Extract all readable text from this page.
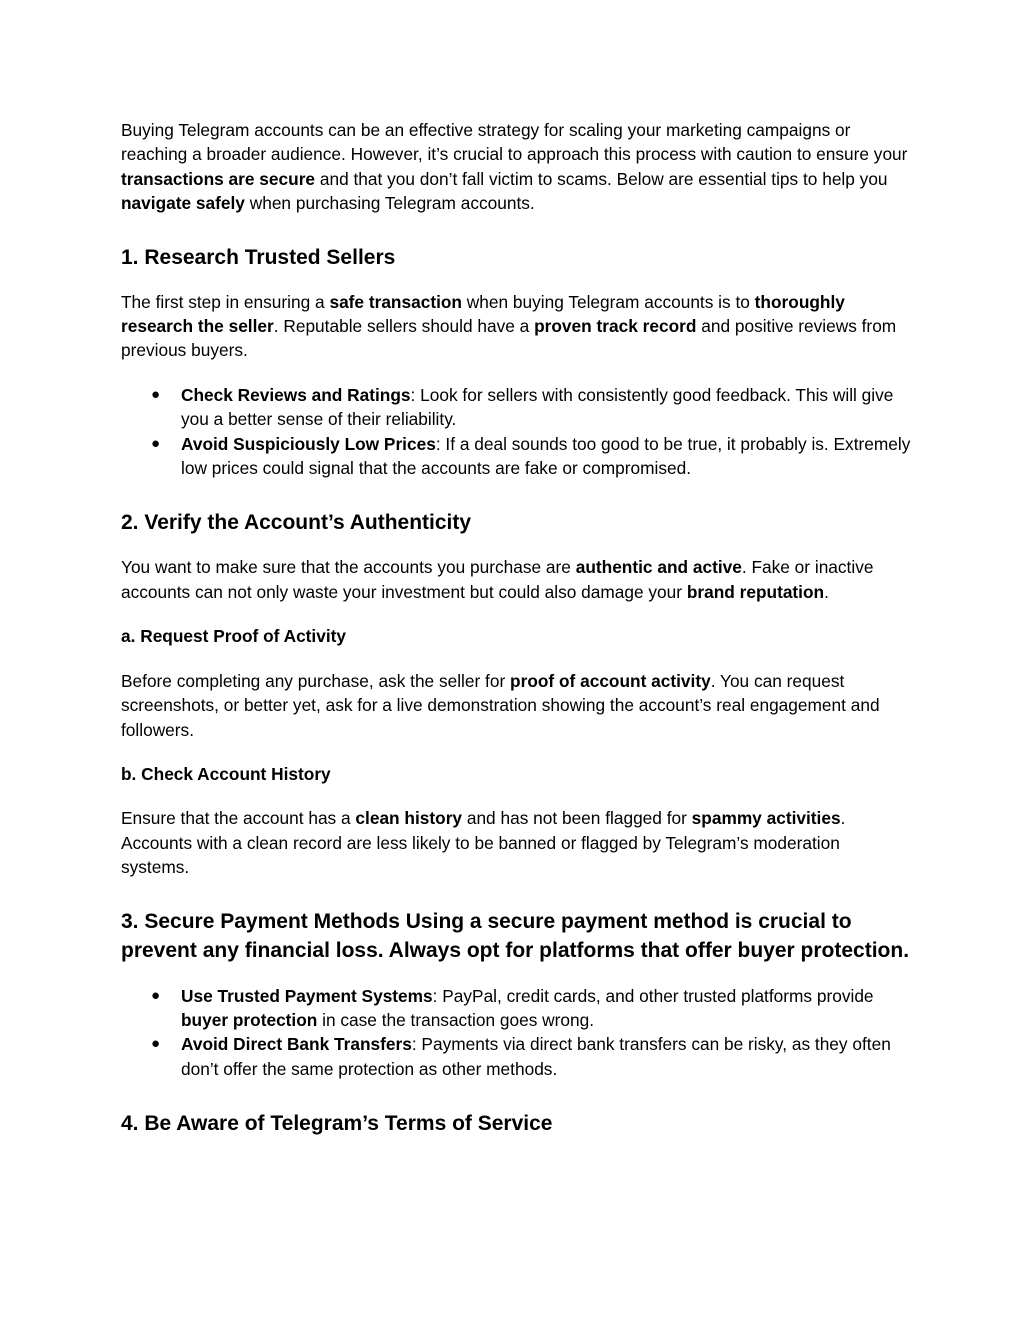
Buying Telegram accounts can be an effective strategy for scaling your marketing campaigns or reaching a broader audience. However, it’s crucial to approach this process with caution to ensure your transactions are secure and that you don’t fall victim to scams. Below are essential tips to help you navigate safely when purchasing Telegram accounts.

1. Research Trusted Sellers

The first step in ensuring a safe transaction when buying Telegram accounts is to thoroughly research the seller. Reputable sellers should have a proven track record and positive reviews from previous buyers.

● Check Reviews and Ratings: Look for sellers with consistently good feedback. This will give you a better sense of their reliability.
● Avoid Suspiciously Low Prices: If a deal sounds too good to be true, it probably is. Extremely low prices could signal that the accounts are fake or compromised.
2. Verify the Account’s Authenticity

You want to make sure that the accounts you purchase are authentic and active. Fake or inactive accounts can not only waste your investment but could also damage your brand reputation.

a. Request Proof of Activity

Before completing any purchase, ask the seller for proof of account activity. You can request screenshots, or better yet, ask for a live demonstration showing the account’s real engagement and followers.

b. Check Account History

Ensure that the account has a clean history and has not been flagged for spammy activities. Accounts with a clean record are less likely to be banned or flagged by Telegram’s moderation systems.

3. Secure Payment Methods Using a secure payment method is crucial to prevent any financial loss. Always opt for platforms that offer buyer protection.
● Use Trusted Payment Systems: PayPal, credit cards, and other trusted platforms provide buyer protection in case the transaction goes wrong.
● Avoid Direct Bank Transfers: Payments via direct bank transfers can be risky, as they often don’t offer the same protection as other methods.
4. Be Aware of Telegram’s Terms of Service
